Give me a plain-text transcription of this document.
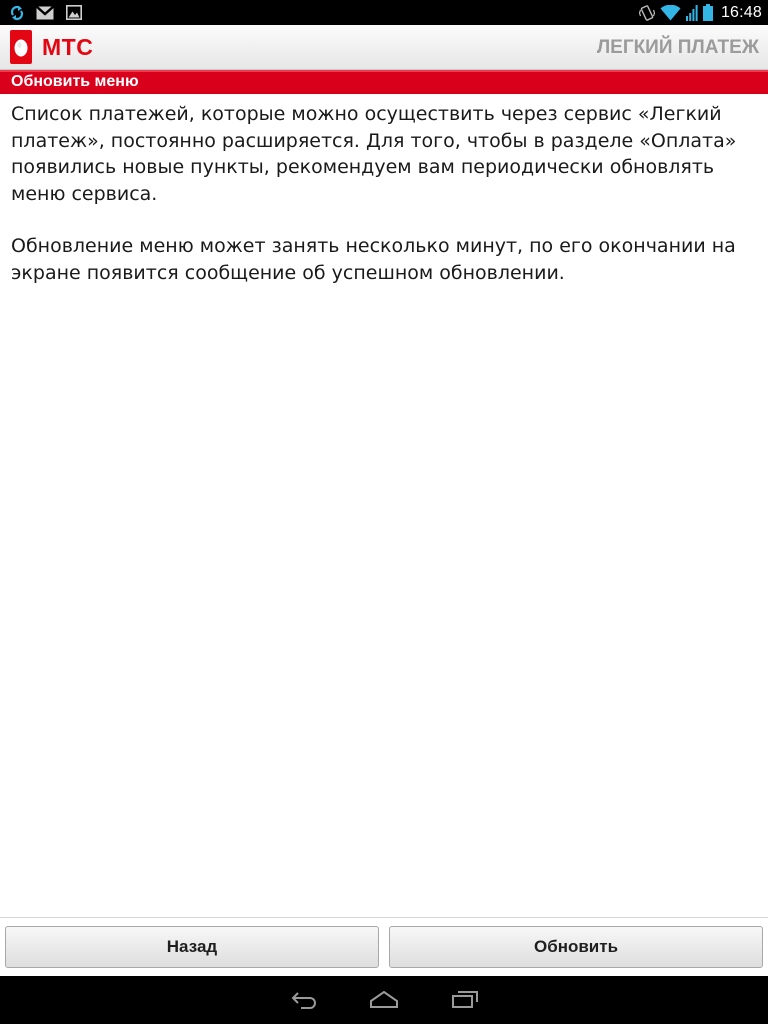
16:48
МТС	ЛЕГКИЙ ПЛАТЕЖ
Обновить меню

Список платежей, которые можно осуществить через сервис «Легкий платеж», постоянно расширяется. Для того, чтобы в разделе «Оплата» появились новые пункты, рекомендуем вам периодически обновлять меню сервиса.

Обновление меню может занять несколько минут, по его окончании на экране появится сообщение об успешном обновлении.

Назад	Обновить
